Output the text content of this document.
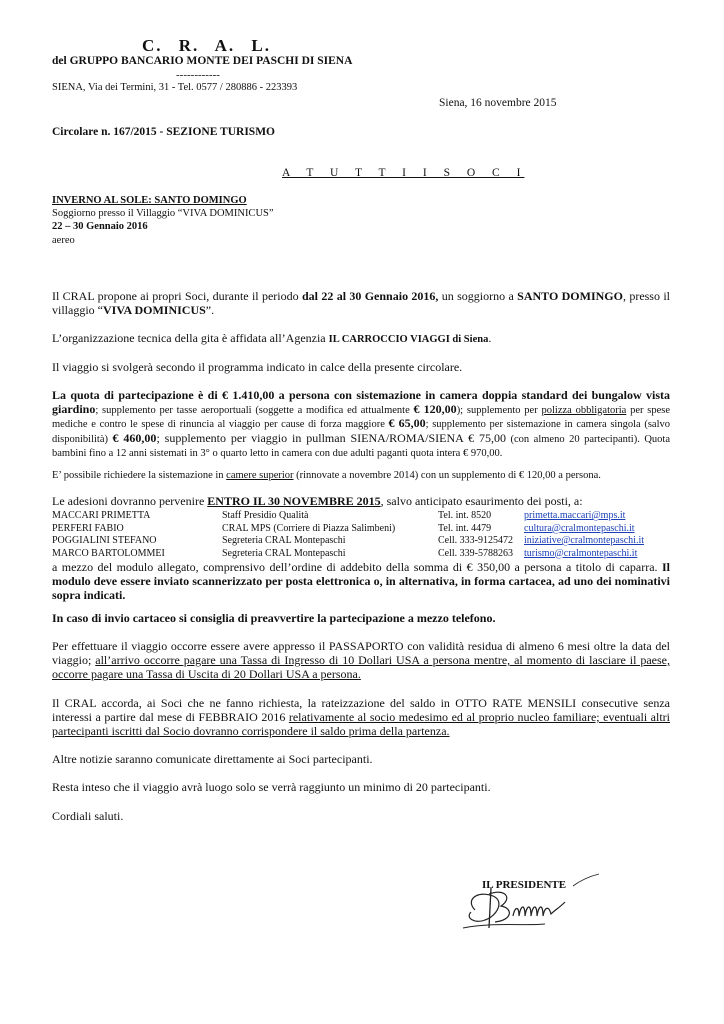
C. R. A. L.
del GRUPPO BANCARIO MONTE DEI PASCHI DI SIENA
------------
SIENA, Via dei Termini, 31 - Tel. 0577 / 280886 - 223393
Siena, 16 novembre 2015
Circolare n. 167/2015 - SEZIONE TURISMO
A T U T T I I S O C I
INVERNO AL SOLE: SANTO DOMINGO
Soggiorno presso il Villaggio “VIVA DOMINICUS”
22 – 30 Gennaio 2016
aereo
Il CRAL propone ai propri Soci, durante il periodo dal 22 al 30 Gennaio 2016, un soggiorno a SANTO DOMINGO, presso il villaggio “VIVA DOMINICUS”.
L’organizzazione tecnica della gita è affidata all’Agenzia IL CARROCCIO VIAGGI di Siena.
Il viaggio si svolgerà secondo il programma indicato in calce della presente circolare.
La quota di partecipazione è di € 1.410,00 a persona con sistemazione in camera doppia standard dei bungalow vista giardino; supplemento per tasse aeroportuali (soggette a modifica ed attualmente € 120,00); supplemento per polizza obbligatoria per spese mediche e contro le spese di rinuncia al viaggio per cause di forza maggiore € 65,00; supplemento per sistemazione in camera singola (salvo disponibilità) € 460,00; supplemento per viaggio in pullman SIENA/ROMA/SIENA € 75,00 (con almeno 20 partecipanti). Quota bambini fino a 12 anni sistemati in 3° o quarto letto in camera con due adulti paganti quota intera € 970,00.
E’ possibile richiedere la sistemazione in camere superior (rinnovate a novembre 2014) con un supplemento di € 120,00 a persona.
Le adesioni dovranno pervenire ENTRO IL 30 NOVEMBRE 2015, salvo anticipato esaurimento dei posti, a:
MACCARI PRIMETTA	Staff Presidio Qualità	Tel. int. 8520	primetta.maccari@mps.it
PERFERI FABIO	CRAL MPS (Corriere di Piazza Salimbeni)	Tel. int. 4479	cultura@cralmontepaschi.it
POGGIALINI STEFANO	Segreteria CRAL Montepaschi	Cell. 333-9125472 iniziative@cralmontepaschi.it
MARCO BARTOLOMMEI	Segreteria CRAL Montepaschi	Cell. 339-5788263 turismo@cralmontepaschi.it
a mezzo del modulo allegato, comprensivo dell’ordine di addebito della somma di € 350,00 a persona a titolo di caparra. Il modulo deve essere inviato scannerizzato per posta elettronica o, in alternativa, in forma cartacea, ad uno dei nominativi sopra indicati.
In caso di invio cartaceo si consiglia di preavvertire la partecipazione a mezzo telefono.
Per effettuare il viaggio occorre essere avere appresso il PASSAPORTO con validità residua di almeno 6 mesi oltre la data del viaggio; all’arrivo occorre pagare una Tassa di Ingresso di 10 Dollari USA a persona mentre, al momento di lasciare il paese, occorre pagare una Tassa di Uscita di 20 Dollari USA a persona.
Il CRAL accorda, ai Soci che ne fanno richiesta, la rateizzazione del saldo in OTTO RATE MENSILI consecutive senza interessi a partire dal mese di FEBBRAIO 2016 relativamente al socio medesimo ed al proprio nucleo familiare; eventuali altri partecipanti iscritti dal Socio dovranno corrispondere il saldo prima della partenza.
Altre notizie saranno comunicate direttamente ai Soci partecipanti.
Resta inteso che il viaggio avrà luogo solo se verrà raggiunto un minimo di 20 partecipanti.
Cordiali saluti.
IL PRESIDENTE
